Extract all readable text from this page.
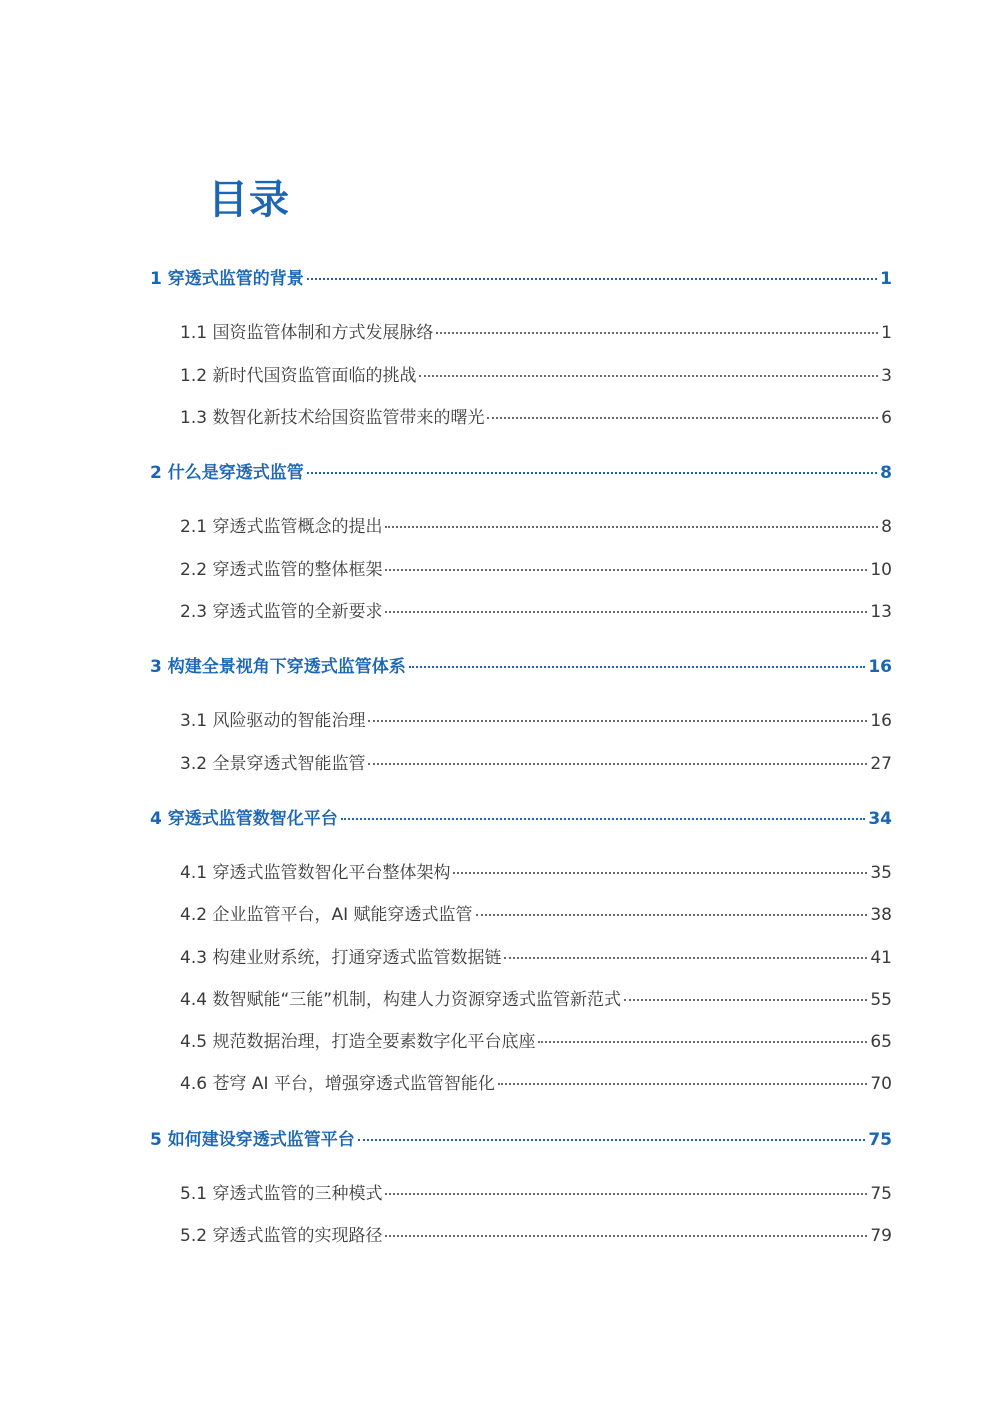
目录
1 穿透式监管的背景	1
1.1 国资监管体制和方式发展脉络	1
1.2 新时代国资监管面临的挑战	3
1.3 数智化新技术给国资监管带来的曙光	6
2 什么是穿透式监管	8
2.1 穿透式监管概念的提出	8
2.2 穿透式监管的整体框架	10
2.3 穿透式监管的全新要求	13
3 构建全景视角下穿透式监管体系	16
3.1 风险驱动的智能治理	16
3.2 全景穿透式智能监管	27
4 穿透式监管数智化平台	34
4.1 穿透式监管数智化平台整体架构	35
4.2 企业监管平台，AI 赋能穿透式监管	38
4.3 构建业财系统，打通穿透式监管数据链	41
4.4 数智赋能“三能”机制，构建人力资源穿透式监管新范式	55
4.5 规范数据治理，打造全要素数字化平台底座	65
4.6 苍穹 AI 平台，增强穿透式监管智能化	70
5 如何建设穿透式监管平台	75
5.1 穿透式监管的三种模式	75
5.2 穿透式监管的实现路径	79
